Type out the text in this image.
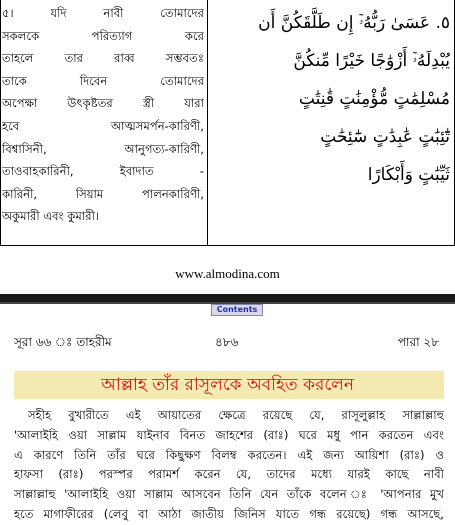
৫। যদি নাবী তোমাদের
সকলকে পরিত্যাগ করে
তাহলে তার রাব্ব সম্ভবতঃ
তাকে দিবেন তোমাদের
অপেক্ষা উৎকৃষ্টতর স্ত্রী যারা
হবে আত্মসমর্পন-কারিণী,
বিশ্বাসিনী, আনুগত্য-কারিণী,
তাওবাহকারিনী, ইবাদাত -
কারিনী, সিয়াম পালনকারিণী,
অকুমারী এবং কুমারী।
٥. عَسَىٰ رَبُّهُۥٓ إِن طَلَّقَكُنَّ أَن
يُبْدِلَهُۥٓ أَزْوَٰجًا خَيْرًا مِّنكُنَّ
مُسْلِمَٰتٍ مُّؤْمِنَٰتٍ قَٰنِتَٰتٍ
تَٰٓئِبَٰتٍ عَٰبِدَٰتٍ سَٰٓئِحَٰتٍ
ثَيِّبَٰتٍ وَأَبْكَارًا
www.almodina.com
Contents
সূরা ৬৬ ঃ তাহরীম	৪৮৬	পারা ২৮
আল্লাহ তাঁর রাসূলকে অবহিত করলেন
সহীহ বুখারীতে এই আয়াতের ক্ষেত্রে রয়েছে যে, রাসূলুল্লাহ সাল্লাল্লাহু
'আলাইহি ওয়া সাল্লাম যাইনাব বিনত জাহশের (রাঃ) ঘরে মধু পান করতেন এবং
এ কারণে তিনি তাঁর ঘরে কিছুক্ষণ বিলম্ব করতেন। এই জন্য আয়িশা (রাঃ) ও
হাফসা (রাঃ) পরস্পর পরামর্শ করেন যে, তাদের মধ্যে যারই কাছে নাবী
সাল্লাল্লাহু 'আলাইহি ওয়া সাল্লাম আসবেন তিনি যেন তাঁকে বলেন ঃ 'আপনার মুখ
হতে মাগাফীরের (লেবু বা আঠা জাতীয় জিনিস যাতে গন্ধ রয়েছে) গন্ধ আসছে,
